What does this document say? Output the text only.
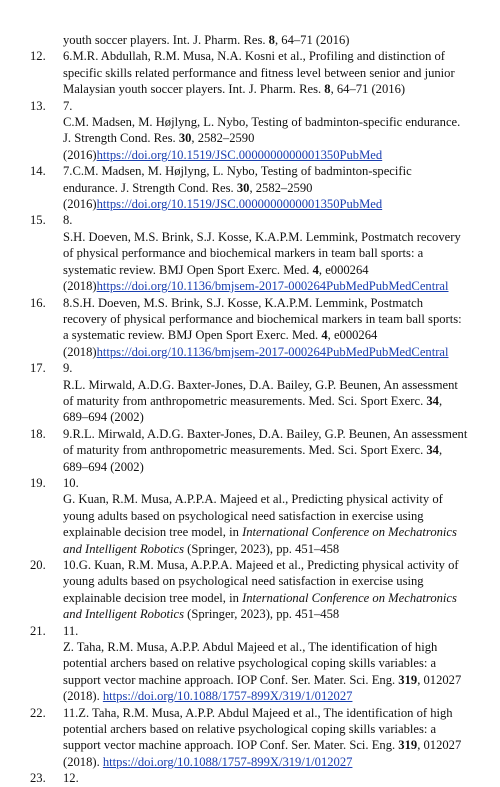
youth soccer players. Int. J. Pharm. Res. 8, 64–71 (2016)
12. 6.M.R. Abdullah, R.M. Musa, N.A. Kosni et al., Profiling and distinction of specific skills related performance and fitness level between senior and junior Malaysian youth soccer players. Int. J. Pharm. Res. 8, 64–71 (2016)
13. 7.
C.M. Madsen, M. Højlyng, L. Nybo, Testing of badminton-specific endurance. J. Strength Cond. Res. 30, 2582–2590 (2016)https://doi.org/10.1519/JSC.0000000000001350PubMed
14. 7.C.M. Madsen, M. Højlyng, L. Nybo, Testing of badminton-specific endurance. J. Strength Cond. Res. 30, 2582–2590 (2016)https://doi.org/10.1519/JSC.0000000000001350PubMed
15. 8.
S.H. Doeven, M.S. Brink, S.J. Kosse, K.A.P.M. Lemmink, Postmatch recovery of physical performance and biochemical markers in team ball sports: a systematic review. BMJ Open Sport Exerc. Med. 4, e000264 (2018)https://doi.org/10.1136/bmjsem-2017-000264PubMedPubMedCentral
16. 8.S.H. Doeven, M.S. Brink, S.J. Kosse, K.A.P.M. Lemmink, Postmatch recovery of physical performance and biochemical markers in team ball sports: a systematic review. BMJ Open Sport Exerc. Med. 4, e000264 (2018)https://doi.org/10.1136/bmjsem-2017-000264PubMedPubMedCentral
17. 9.
R.L. Mirwald, A.D.G. Baxter-Jones, D.A. Bailey, G.P. Beunen, An assessment of maturity from anthropometric measurements. Med. Sci. Sport Exerc. 34, 689–694 (2002)
18. 9.R.L. Mirwald, A.D.G. Baxter-Jones, D.A. Bailey, G.P. Beunen, An assessment of maturity from anthropometric measurements. Med. Sci. Sport Exerc. 34, 689–694 (2002)
19. 10.
G. Kuan, R.M. Musa, A.P.P.A. Majeed et al., Predicting physical activity of young adults based on psychological need satisfaction in exercise using explainable decision tree model, in International Conference on Mechatronics and Intelligent Robotics (Springer, 2023), pp. 451–458
20. 10.G. Kuan, R.M. Musa, A.P.P.A. Majeed et al., Predicting physical activity of young adults based on psychological need satisfaction in exercise using explainable decision tree model, in International Conference on Mechatronics and Intelligent Robotics (Springer, 2023), pp. 451–458
21. 11.
Z. Taha, R.M. Musa, A.P.P. Abdul Majeed et al., The identification of high potential archers based on relative psychological coping skills variables: a support vector machine approach. IOP Conf. Ser. Mater. Sci. Eng. 319, 012027 (2018). https://doi.org/10.1088/1757-899X/319/1/012027
22. 11.Z. Taha, R.M. Musa, A.P.P. Abdul Majeed et al., The identification of high potential archers based on relative psychological coping skills variables: a support vector machine approach. IOP Conf. Ser. Mater. Sci. Eng. 319, 012027 (2018). https://doi.org/10.1088/1757-899X/319/1/012027
23. 12.
